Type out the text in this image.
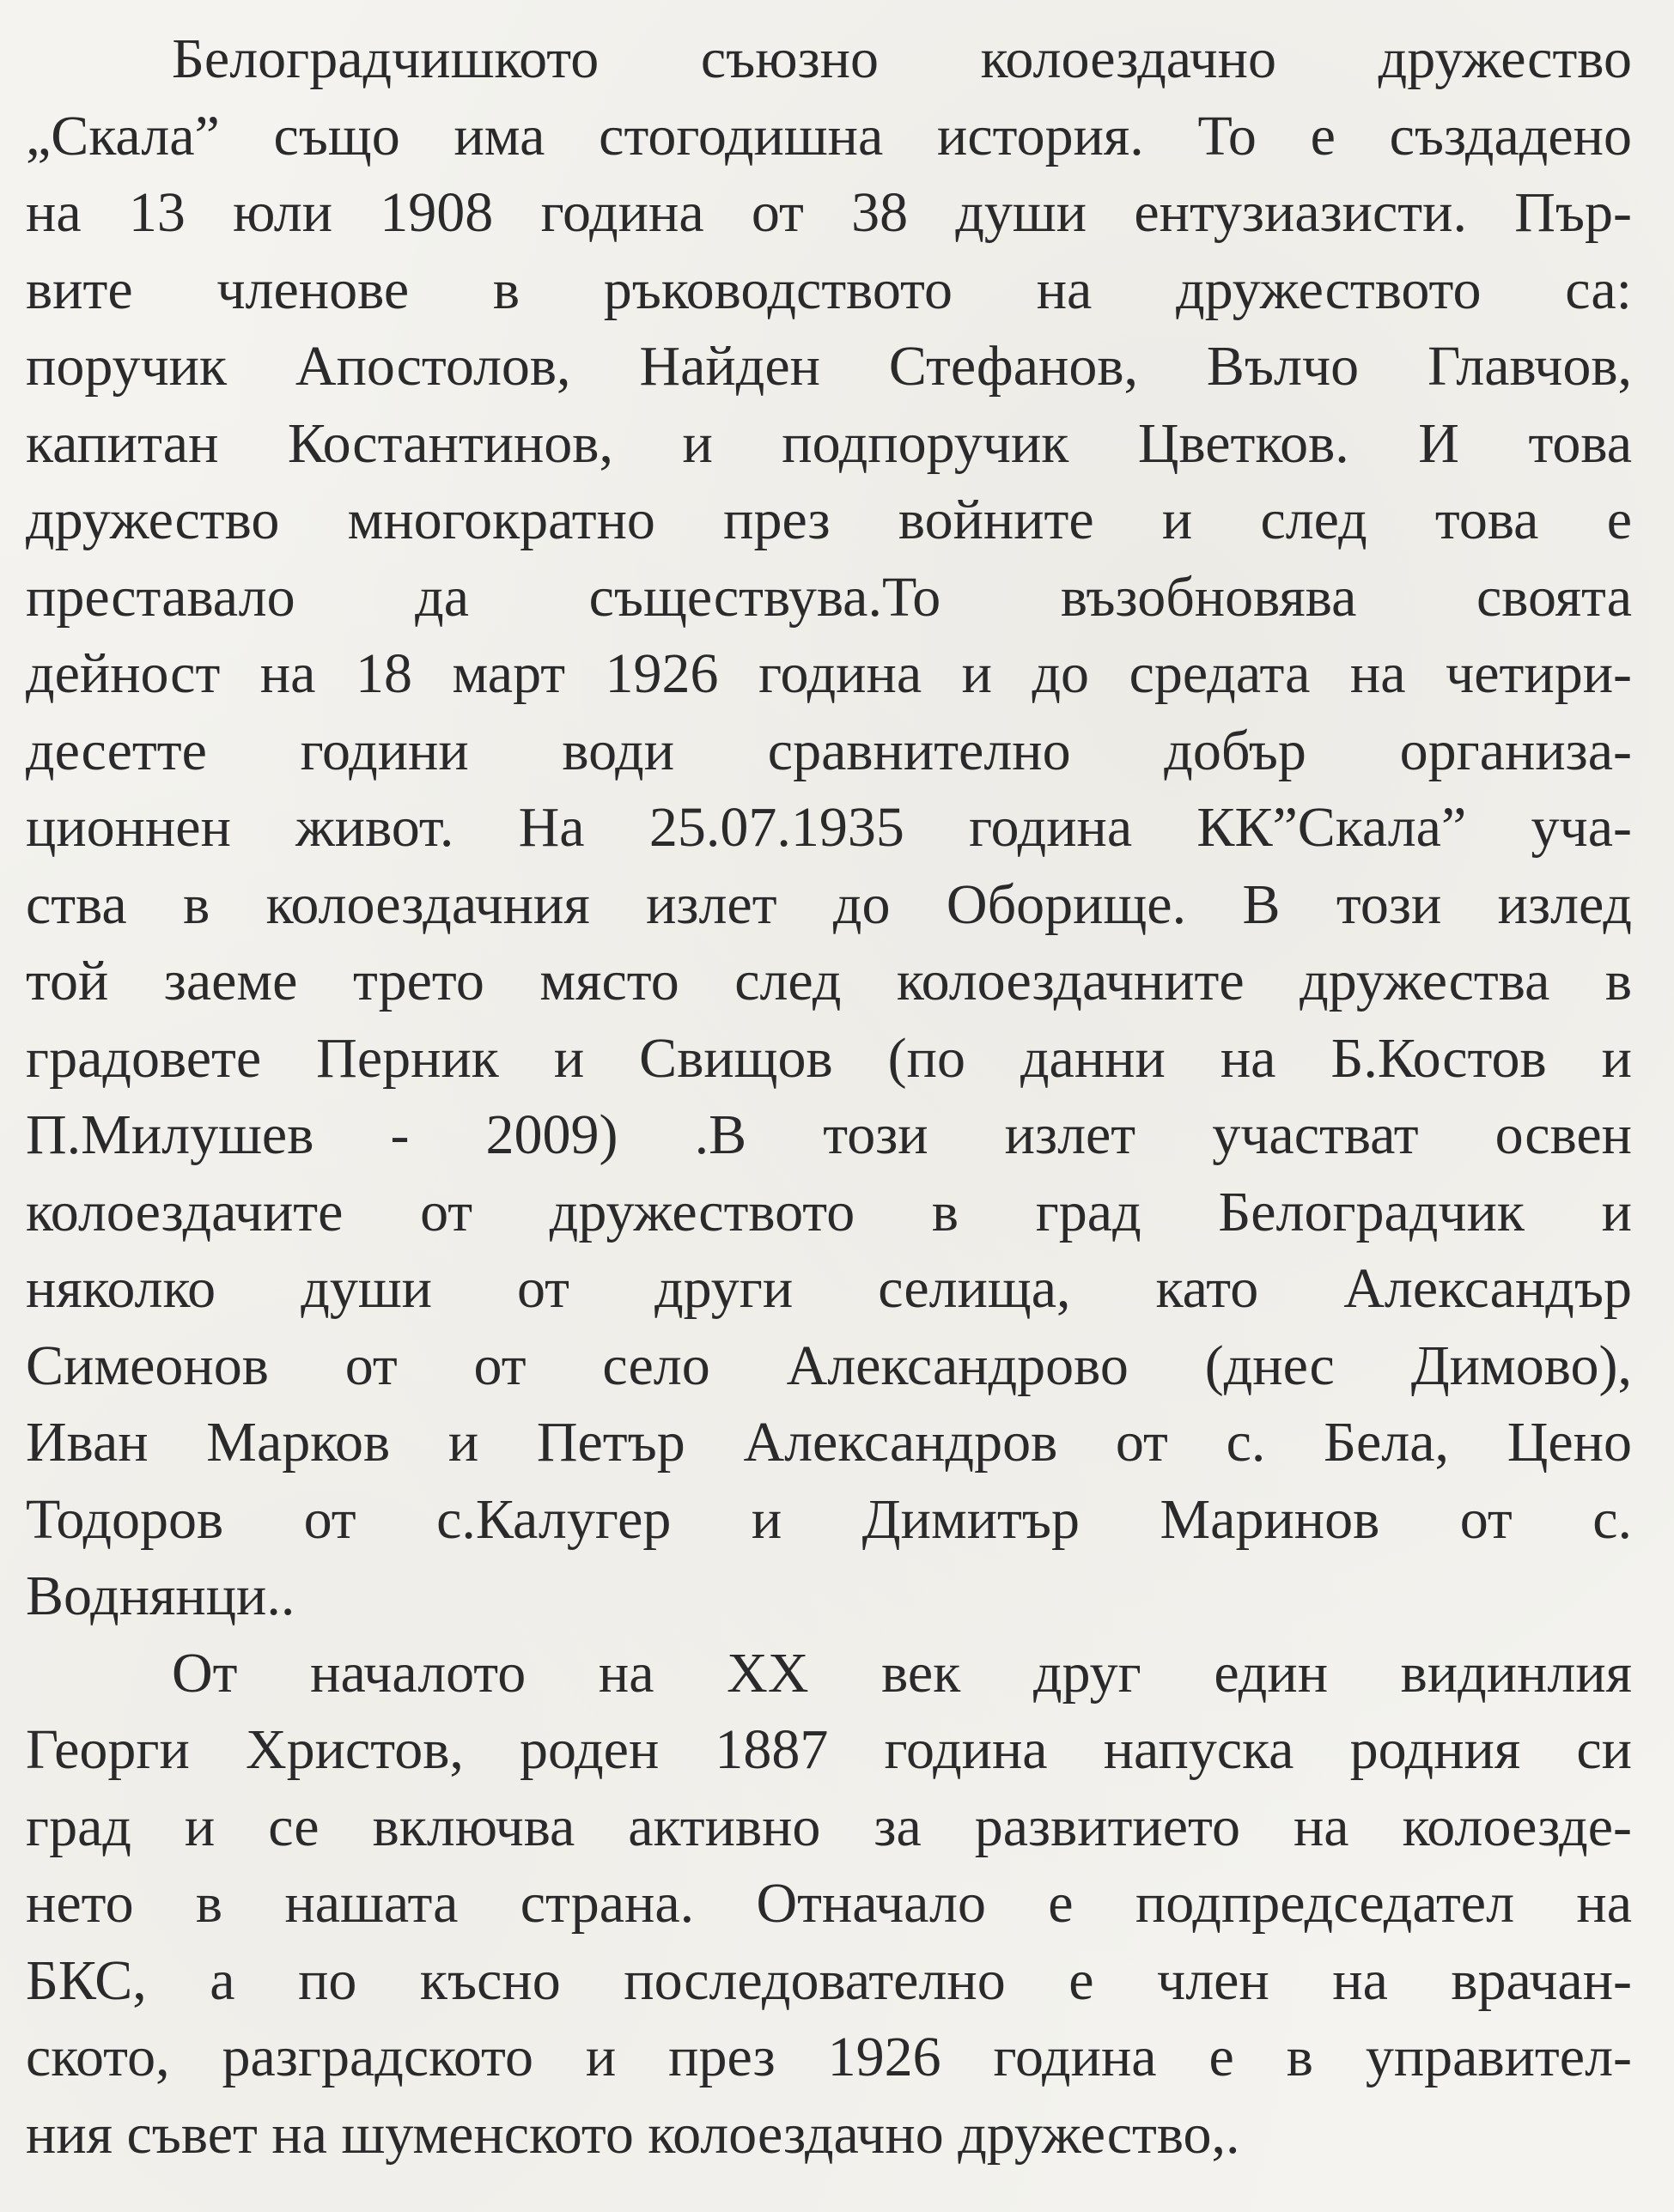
Белоградчишкото съюзно колоездачно дружество
„Скала” също има стогодишна история. То е създадено
на 13 юли 1908 година от 38 души ентузиазисти. Пър-
вите членове в ръководството на дружеството са:
поручик Апостолов, Найден Стефанов, Вълчо Главчов,
капитан Костантинов, и подпоручик Цветков. И това
дружество многократно през войните и след това е
преставало да съществува.То възобновява своята
дейност на 18 март 1926 година и до средата на четири-
десетте години води сравнително добър организа-
ционнен живот. На 25.07.1935 година КК”Скала” уча-
ства в колоездачния излет до Оборище. В този излед
той заеме трето място след колоездачните дружества в
градовете Перник и Свищов (по данни на Б.Костов и
П.Милушев - 2009) .В този излет участват освен
колоездачите от дружеството в град Белоградчик и
няколко души от други селища, като Александър
Симеонов от от село Александрово (днес Димово),
Иван Марков и Петър Александров от с. Бела, Цено
Тодоров от с.Калугер и Димитър Маринов от с.
Воднянци..
От началото на XX век друг един видинлия
Георги Христов, роден 1887 година напуска родния си
град и се включва активно за развитието на колоезде-
нето в нашата страна. Отначало е подпредседател на
БКС, а по късно последователно е член на врачан-
ското, разградското и през 1926 година е в управител-
ния съвет на шуменското колоездачно дружество,.
